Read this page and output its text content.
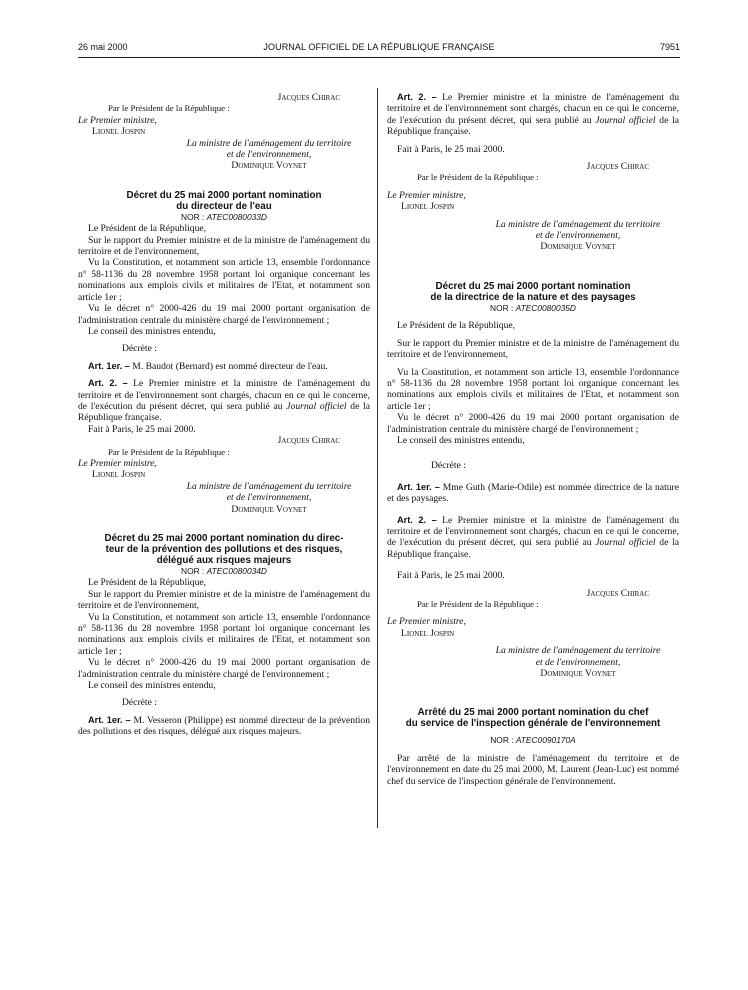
26 mai 2000	JOURNAL OFFICIEL DE LA RÉPUBLIQUE FRANÇAISE	7951

Jacques Chirac

Par le Président de la République :

Le Premier ministre,

Lionel Jospin

La ministre de l'aménagement du territoire
et de l'environnement,
Dominique Voynet

Décret du 25 mai 2000 portant nomination
du directeur de l'eau

NOR : ATEC0080033D

Le Président de la République,

Sur le rapport du Premier ministre et de la ministre de l'aménagement du territoire et de l'environnement,

Vu la Constitution, et notamment son article 13, ensemble l'ordonnance n° 58-1136 du 28 novembre 1958 portant loi organique concernant les nominations aux emplois civils et militaires de l'Etat, et notamment son article 1er ;

Vu le décret n° 2000-426 du 19 mai 2000 portant organisation de l'administration centrale du ministère chargé de l'environnement ;

Le conseil des ministres entendu,

Décrète :

Art. 1er. – M. Baudot (Bernard) est nommé directeur de l'eau.

Art. 2. – Le Premier ministre et la ministre de l'aménagement du territoire et de l'environnement sont chargés, chacun en ce qui le concerne, de l'exécution du présent décret, qui sera publié au Journal officiel de la République française.

Fait à Paris, le 25 mai 2000.

Jacques Chirac

Par le Président de la République :

Le Premier ministre,

Lionel Jospin

La ministre de l'aménagement du territoire
et de l'environnement,
Dominique Voynet

Décret du 25 mai 2000 portant nomination du direc-
teur de la prévention des pollutions et des risques,
délégué aux risques majeurs

NOR : ATEC0080034D

Le Président de la République,

Sur le rapport du Premier ministre et de la ministre de l'aménagement du territoire et de l'environnement,

Vu la Constitution, et notamment son article 13, ensemble l'ordonnance n° 58-1136 du 28 novembre 1958 portant loi organique concernant les nominations aux emplois civils et militaires de l'Etat, et notamment son article 1er ;

Vu le décret n° 2000-426 du 19 mai 2000 portant organisation de l'administration centrale du ministère chargé de l'environnement ;

Le conseil des ministres entendu,

Décrète :

Art. 1er. – M. Vesseron (Philippe) est nommé directeur de la prévention des pollutions et des risques, délégué aux risques majeurs.

Art. 2. – Le Premier ministre et la ministre de l'aménagement du territoire et de l'environnement sont chargés, chacun en ce qui le concerne, de l'exécution du présent décret, qui sera publié au Journal officiel de la République française.

Fait à Paris, le 25 mai 2000.

Jacques Chirac

Par le Président de la République :

Le Premier ministre,

Lionel Jospin

La ministre de l'aménagement du territoire
et de l'environnement,
Dominique Voynet

Décret du 25 mai 2000 portant nomination
de la directrice de la nature et des paysages

NOR : ATEC0080035D

Le Président de la République,

Sur le rapport du Premier ministre et de la ministre de l'aménagement du territoire et de l'environnement,

Vu la Constitution, et notamment son article 13, ensemble l'ordonnance n° 58-1136 du 28 novembre 1958 portant loi organique concernant les nominations aux emplois civils et militaires de l'Etat, et notamment son article 1er ;

Vu le décret n° 2000-426 du 19 mai 2000 portant organisation de l'administration centrale du ministère chargé de l'environnement ;

Le conseil des ministres entendu,

Décrète :

Art. 1er. – Mme Guth (Marie-Odile) est nommée directrice de la nature et des paysages.

Art. 2. – Le Premier ministre et la ministre de l'aménagement du territoire et de l'environnement sont chargés, chacun en ce qui le concerne, de l'exécution du présent décret, qui sera publié au Journal officiel de la République française.

Fait à Paris, le 25 mai 2000.

Jacques Chirac

Par le Président de la République :

Le Premier ministre,

Lionel Jospin

La ministre de l'aménagement du territoire
et de l'environnement,
Dominique Voynet

Arrêté du 25 mai 2000 portant nomination du chef
du service de l'inspection générale de l'environnement

NOR : ATEC0090170A

Par arrêté de la ministre de l'aménagement du territoire et de l'environnement en date du 25 mai 2000, M. Laurent (Jean-Luc) est nommé chef du service de l'inspection générale de l'environnement.
